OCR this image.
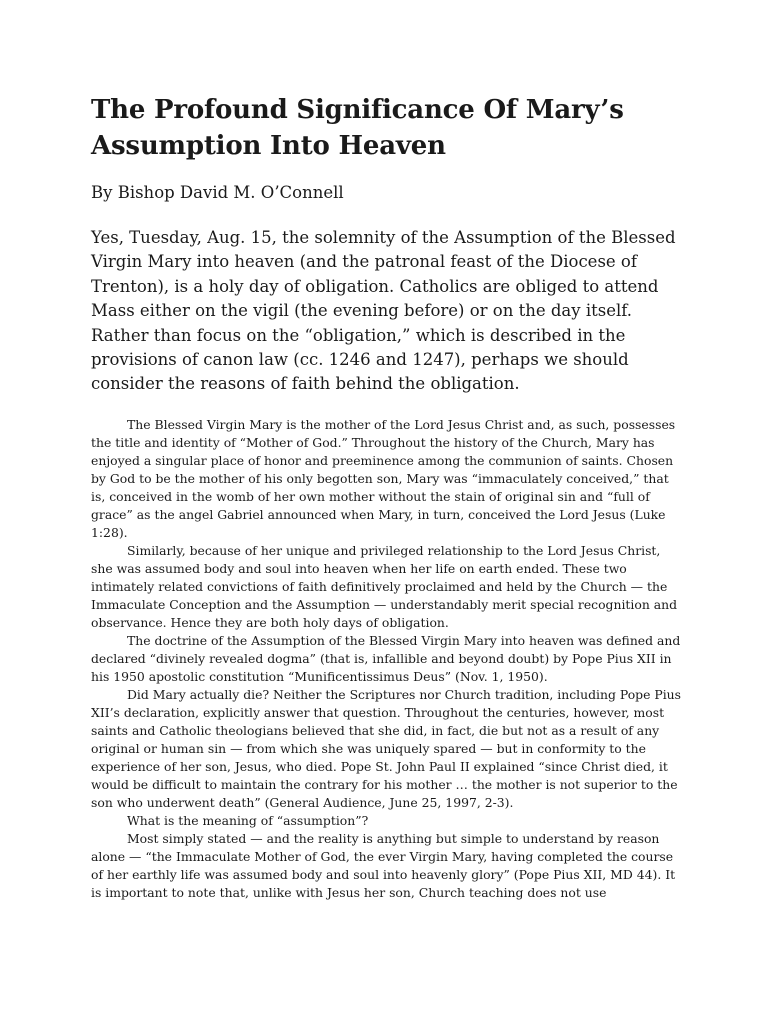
The Profound Significance Of Mary’s Assumption Into Heaven

By Bishop David M. O’Connell

Yes, Tuesday, Aug. 15, the solemnity of the Assumption of the Blessed Virgin Mary into heaven (and the patronal feast of the Diocese of Trenton), is a holy day of obligation. Catholics are obliged to attend Mass either on the vigil (the evening before) or on the day itself. Rather than focus on the “obligation,” which is described in the provisions of canon law (cc. 1246 and 1247), perhaps we should consider the reasons of faith behind the obligation.

The Blessed Virgin Mary is the mother of the Lord Jesus Christ and, as such, possesses the title and identity of “Mother of God.” Throughout the history of the Church, Mary has enjoyed a singular place of honor and preeminence among the communion of saints. Chosen by God to be the mother of his only begotten son, Mary was “immaculately conceived,” that is, conceived in the womb of her own mother without the stain of original sin and “full of grace” as the angel Gabriel announced when Mary, in turn, conceived the Lord Jesus (Luke 1:28).

Similarly, because of her unique and privileged relationship to the Lord Jesus Christ, she was assumed body and soul into heaven when her life on earth ended. These two intimately related convictions of faith definitively proclaimed and held by the Church — the Immaculate Conception and the Assumption — understandably merit special recognition and observance. Hence they are both holy days of obligation.

The doctrine of the Assumption of the Blessed Virgin Mary into heaven was defined and declared “divinely revealed dogma” (that is, infallible and beyond doubt) by Pope Pius XII in his 1950 apostolic constitution “Munificentissimus Deus” (Nov. 1, 1950).

Did Mary actually die? Neither the Scriptures nor Church tradition, including Pope Pius XII’s declaration, explicitly answer that question. Throughout the centuries, however, most saints and Catholic theologians believed that she did, in fact, die but not as a result of any original or human sin — from which she was uniquely spared — but in conformity to the experience of her son, Jesus, who died. Pope St. John Paul II explained “since Christ died, it would be difficult to maintain the contrary for his mother … the mother is not superior to the son who underwent death” (General Audience, June 25, 1997, 2-3).

What is the meaning of “assumption”?

Most simply stated — and the reality is anything but simple to understand by reason alone — “the Immaculate Mother of God, the ever Virgin Mary, having completed the course of her earthly life was assumed body and soul into heavenly glory” (Pope Pius XII, MD 44). It is important to note that, unlike with Jesus her son, Church teaching does not use
